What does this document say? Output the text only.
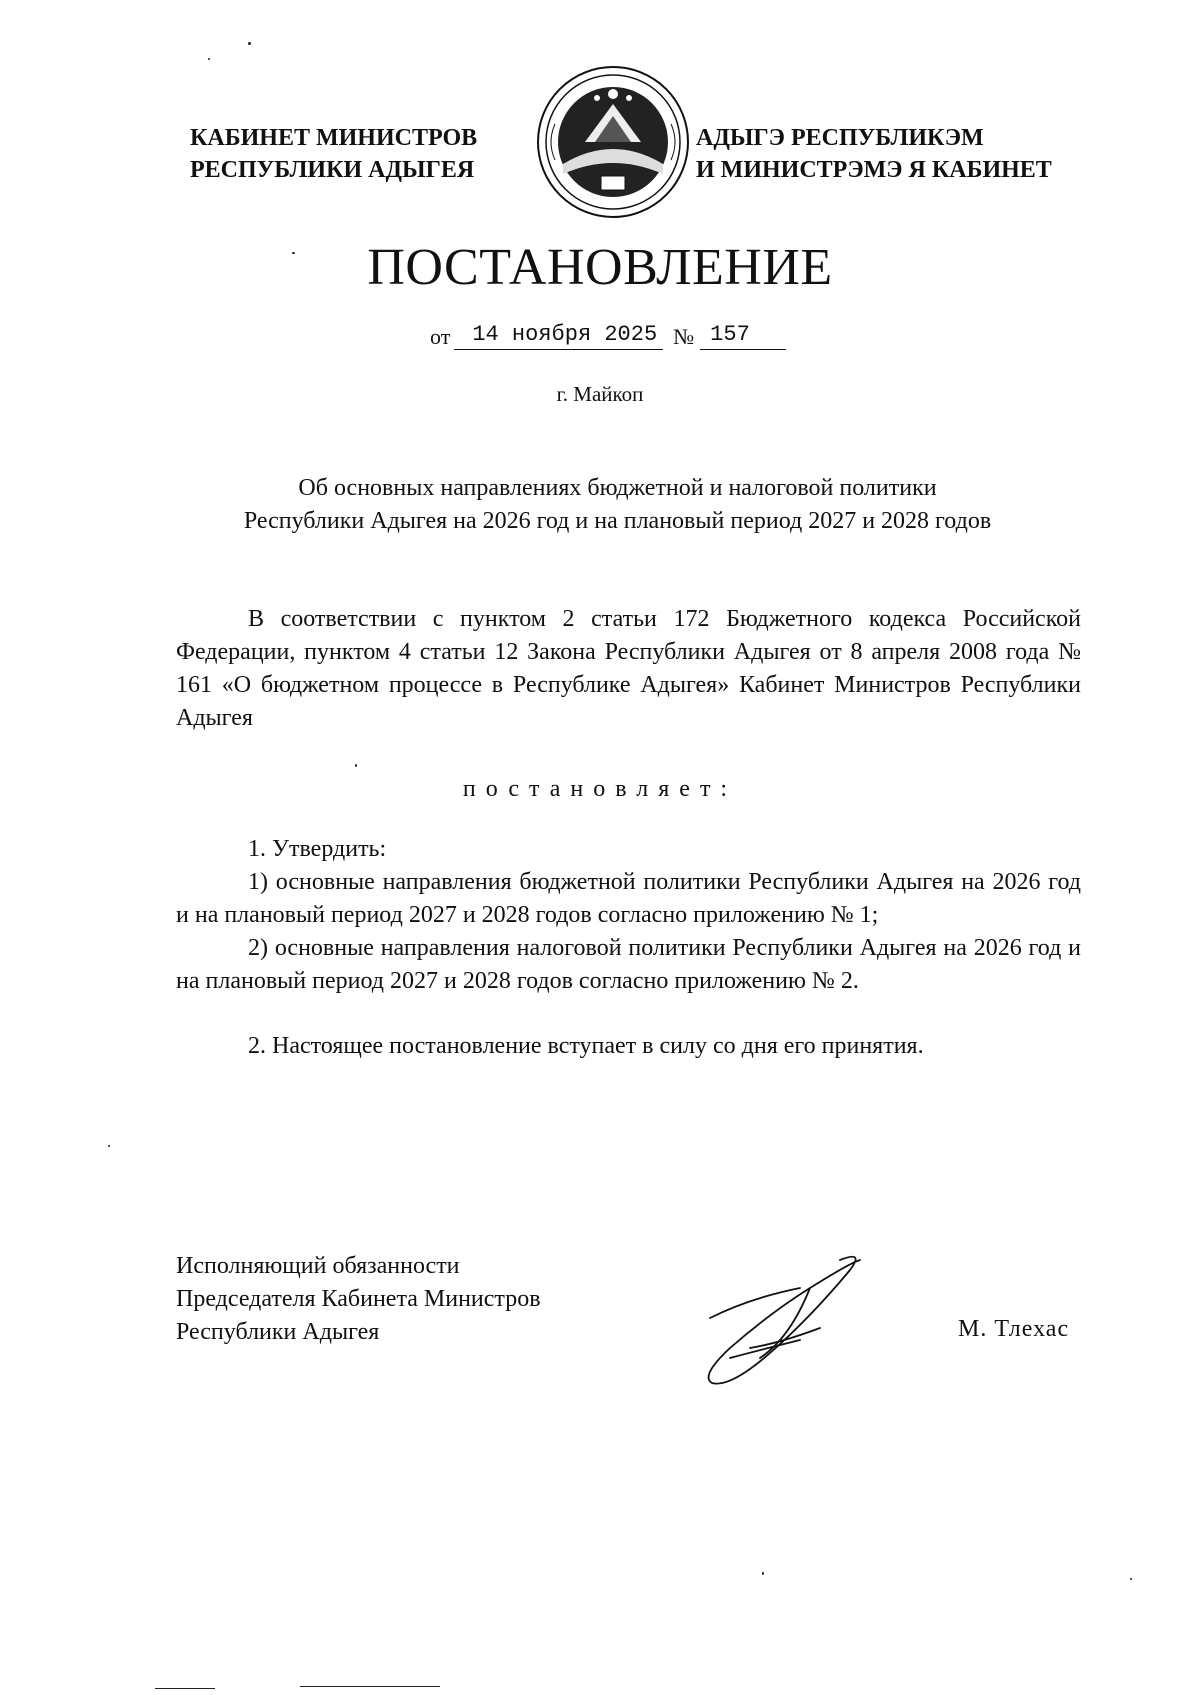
КАБИНЕТ МИНИСТРОВ
РЕСПУБЛИКИ АДЫГЕЯ
АДЫГЭ РЕСПУБЛИКЭМ
И МИНИСТРЭМЭ Я КАБИНЕТ
ПОСТАНОВЛЕНИЕ
от	14 ноября 2025 № 157
г. Майкоп
Об основных направлениях бюджетной и налоговой политики
Республики Адыгея на 2026 год и на плановый период 2027 и 2028 годов

В соответствии с пунктом 2 статьи 172 Бюджетного кодекса Российской Федерации, пунктом 4 статьи 12 Закона Республики Адыгея от 8 апреля 2008 года № 161 «О бюджетном процессе в Республике Адыгея» Кабинет Министров Республики Адыгея

постановляет:

1. Утвердить:

1) основные направления бюджетной политики Республики Адыгея на 2026 год и на плановый период 2027 и 2028 годов согласно приложению № 1;

2) основные направления налоговой политики Республики Адыгея на 2026 год и на плановый период 2027 и 2028 годов согласно приложению № 2.

2. Настоящее постановление вступает в силу со дня его принятия.

Исполняющий обязанности
Председателя Кабинета Министров
Республики Адыгея	М. Тлехас
